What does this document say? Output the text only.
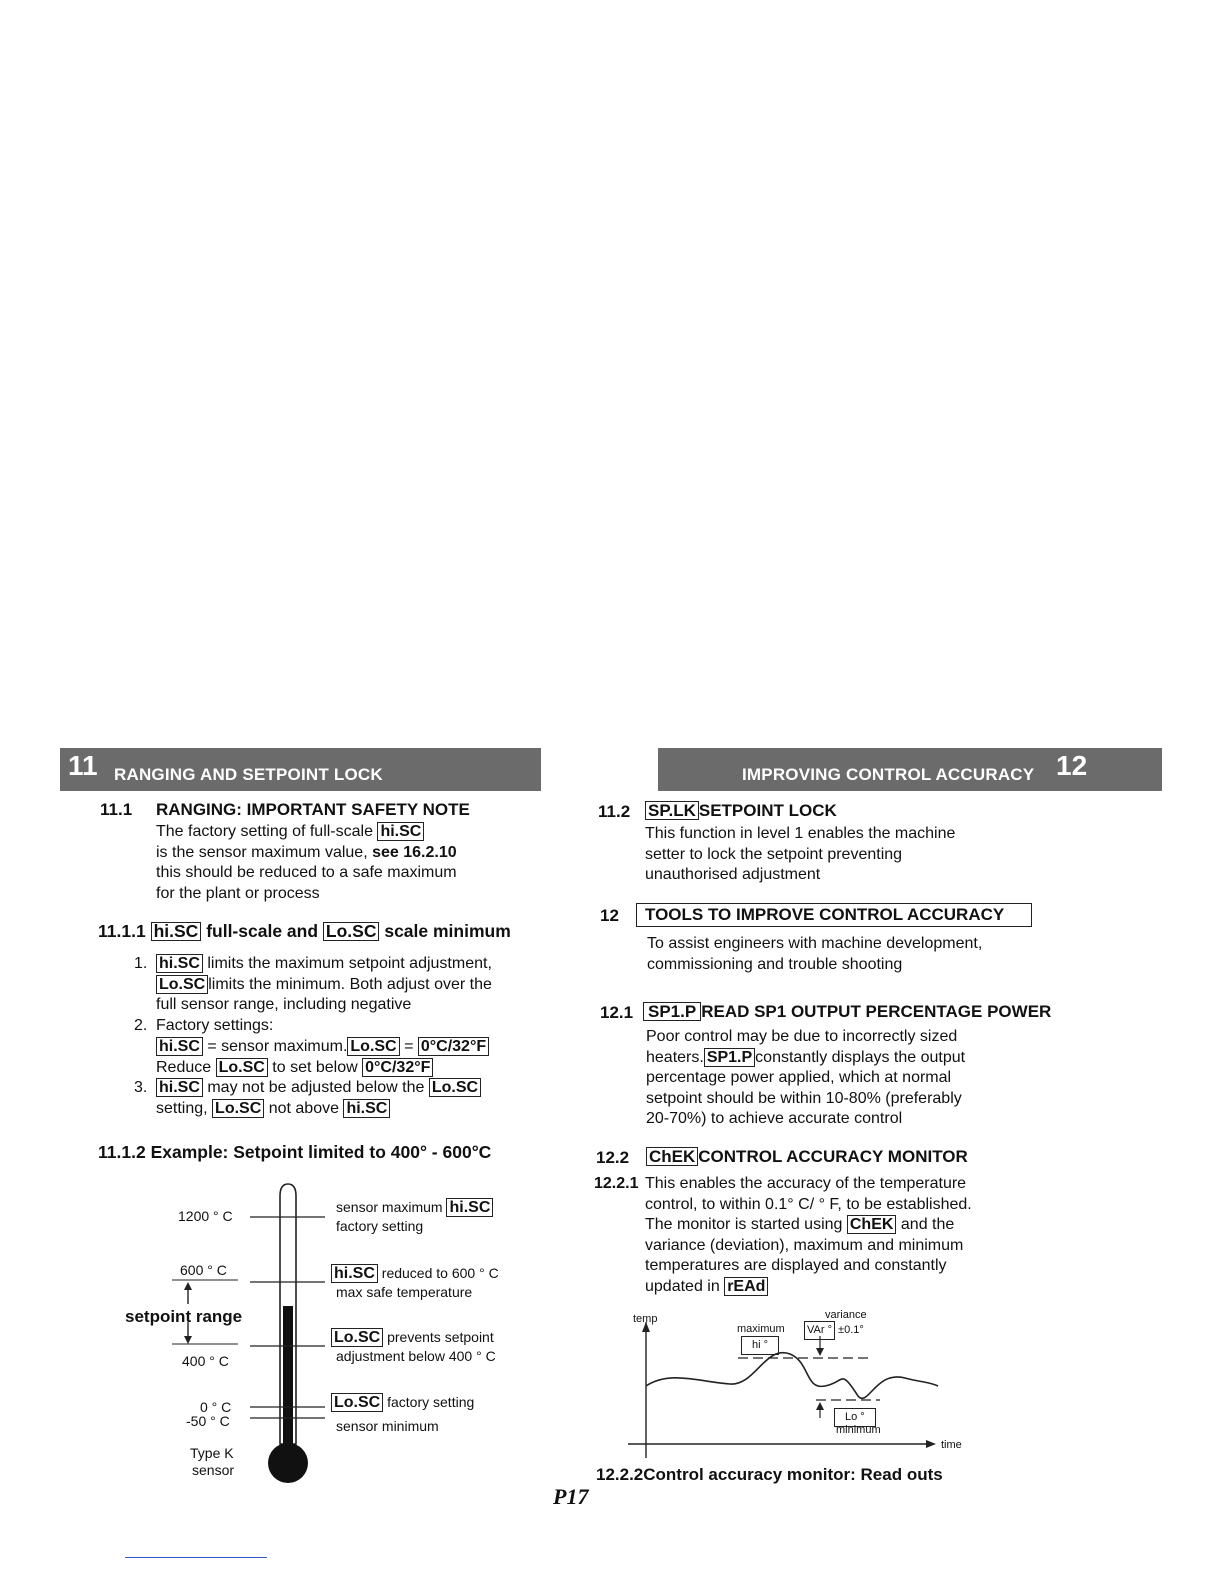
11 RANGING AND SETPOINT LOCK	IMPROVING CONTROL ACCURACY 12
11.1 RANGING: IMPORTANT SAFETY NOTE
The factory setting of full-scale hi.SC
is the sensor maximum value, see 16.2.10
this should be reduced to a safe maximum
for the plant or process
11.1.1 hi.SC full-scale and Lo.SC scale minimum
1. hi.SC limits the maximum setpoint adjustment,
Lo.SC limits the minimum. Both adjust over the
full sensor range, including negative
2. Factory settings:
hi.SC = sensor maximum. Lo.SC = 0°C/32°F
Reduce Lo.SC to set below 0°C/32°F
3. hi.SC may not be adjusted below the Lo.SC
setting, Lo.SC not above hi.SC
11.1.2 Example: Setpoint limited to 400° - 600°C
1200 ° C
600 ° C
setpoint range
400 ° C
0 ° C
-50 ° C
Type K
sensor
sensor maximum hi.SC
factory setting
hi.SC reduced to 600 ° C
max safe temperature
Lo.SC prevents setpoint
adjustment below 400 ° C
Lo.SC factory setting
sensor minimum
11.2 SP.LK SETPOINT LOCK
This function in level 1 enables the machine
setter to lock the setpoint preventing
unauthorised adjustment
12	TOOLS TO IMPROVE CONTROL ACCURACY
To assist engineers with machine development,
commissioning and trouble shooting
12.1 SP1.P READ SP1 OUTPUT PERCENTAGE POWER
Poor control may be due to incorrectly sized
heaters. SP1.P constantly displays the output
percentage power applied, which at normal
setpoint should be within 10-80% (preferably
20-70%) to achieve accurate control
12.2 ChEK CONTROL ACCURACY MONITOR
12.2.1 This enables the accuracy of the temperature
control, to within 0.1° C/ ° F, to be established.
The monitor is started using ChEK and the
variance (deviation), maximum and minimum
temperatures are displayed and constantly
updated in rEAd
temp
time
variance
VAr ° ±0.1°
maximum
hi °
Lo °
minimum
12.2.2Control accuracy monitor: Read outs
P17
